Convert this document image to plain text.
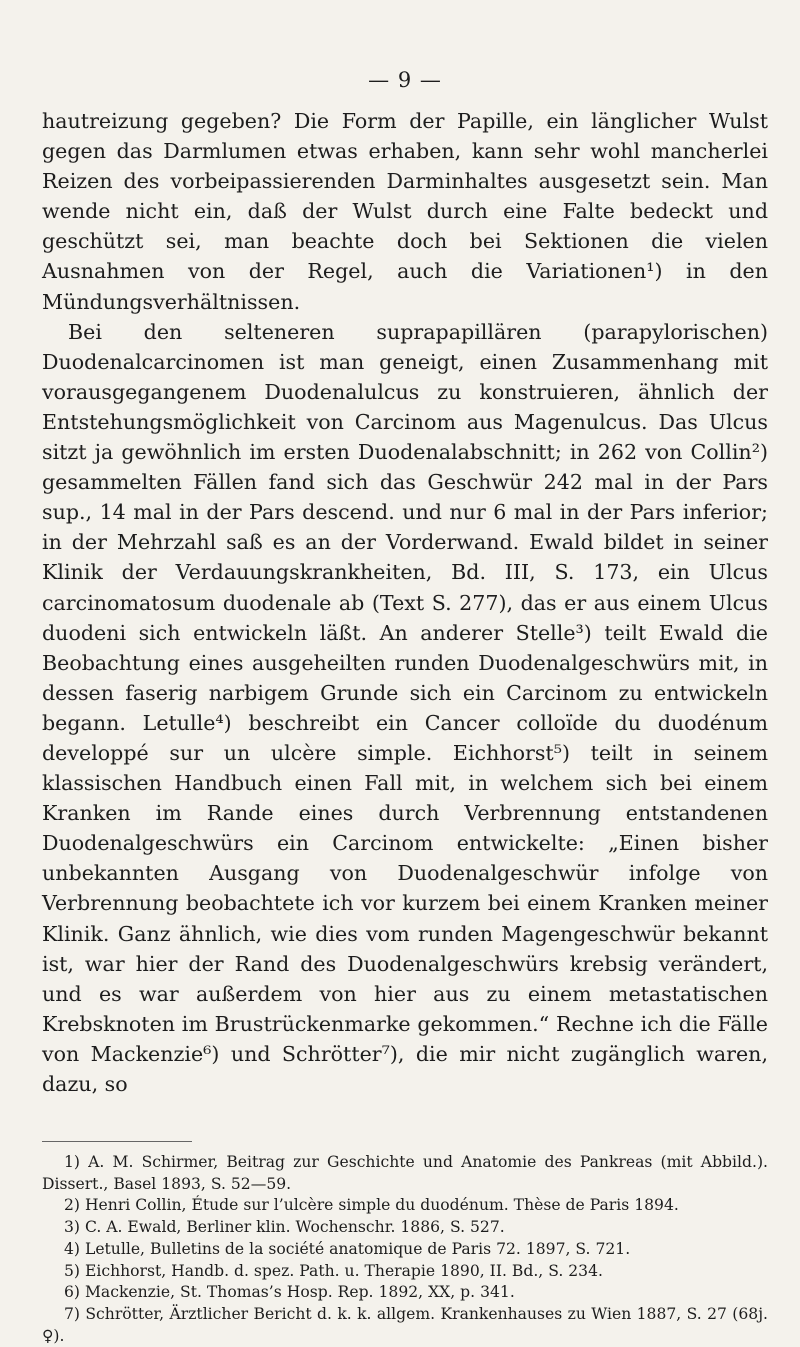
— 9 —

hautreizung gegeben? Die Form der Papille, ein länglicher Wulst gegen das Darmlumen etwas erhaben, kann sehr wohl mancherlei Reizen des vorbeipassierenden Darminhaltes ausgesetzt sein. Man wende nicht ein, daß der Wulst durch eine Falte bedeckt und geschützt sei, man beachte doch bei Sektionen die vielen Ausnahmen von der Regel, auch die Variationen¹) in den Mündungsverhältnissen.

Bei den selteneren suprapapillären (parapylorischen) Duodenalcarcinomen ist man geneigt, einen Zusammenhang mit vorausgegangenem Duodenalulcus zu konstruieren, ähnlich der Entstehungsmöglichkeit von Carcinom aus Magenulcus. Das Ulcus sitzt ja gewöhnlich im ersten Duodenalabschnitt; in 262 von Collin²) gesammelten Fällen fand sich das Geschwür 242 mal in der Pars sup., 14 mal in der Pars descend. und nur 6 mal in der Pars inferior; in der Mehrzahl saß es an der Vorderwand. Ewald bildet in seiner Klinik der Verdauungskrankheiten, Bd. III, S. 173, ein Ulcus carcinomatosum duodenale ab (Text S. 277), das er aus einem Ulcus duodeni sich entwickeln läßt. An anderer Stelle³) teilt Ewald die Beobachtung eines ausgeheilten runden Duodenalgeschwürs mit, in dessen faserig narbigem Grunde sich ein Carcinom zu entwickeln begann. Letulle⁴) beschreibt ein Cancer colloïde du duodénum developpé sur un ulcère simple. Eichhorst⁵) teilt in seinem klassischen Handbuch einen Fall mit, in welchem sich bei einem Kranken im Rande eines durch Verbrennung entstandenen Duodenalgeschwürs ein Carcinom entwickelte: „Einen bisher unbekannten Ausgang von Duodenalgeschwür infolge von Verbrennung beobachtete ich vor kurzem bei einem Kranken meiner Klinik. Ganz ähnlich, wie dies vom runden Magengeschwür bekannt ist, war hier der Rand des Duodenalgeschwürs krebsig verändert, und es war außerdem von hier aus zu einem metastatischen Krebsknoten im Brustrückenmarke gekommen.“ Rechne ich die Fälle von Mackenzie⁶) und Schrötter⁷), die mir nicht zugänglich waren, dazu, so

1) A. M. Schirmer, Beitrag zur Geschichte und Anatomie des Pankreas (mit Abbild.). Dissert., Basel 1893, S. 52—59.

2) Henri Collin, Étude sur l’ulcère simple du duodénum. Thèse de Paris 1894.

3) C. A. Ewald, Berliner klin. Wochenschr. 1886, S. 527.

4) Letulle, Bulletins de la société anatomique de Paris 72. 1897, S. 721.

5) Eichhorst, Handb. d. spez. Path. u. Therapie 1890, II. Bd., S. 234.

6) Mackenzie, St. Thomas’s Hosp. Rep. 1892, XX, p. 341.

7) Schrötter, Ärztlicher Bericht d. k. k. allgem. Krankenhauses zu Wien 1887, S. 27 (68j. ♀).
